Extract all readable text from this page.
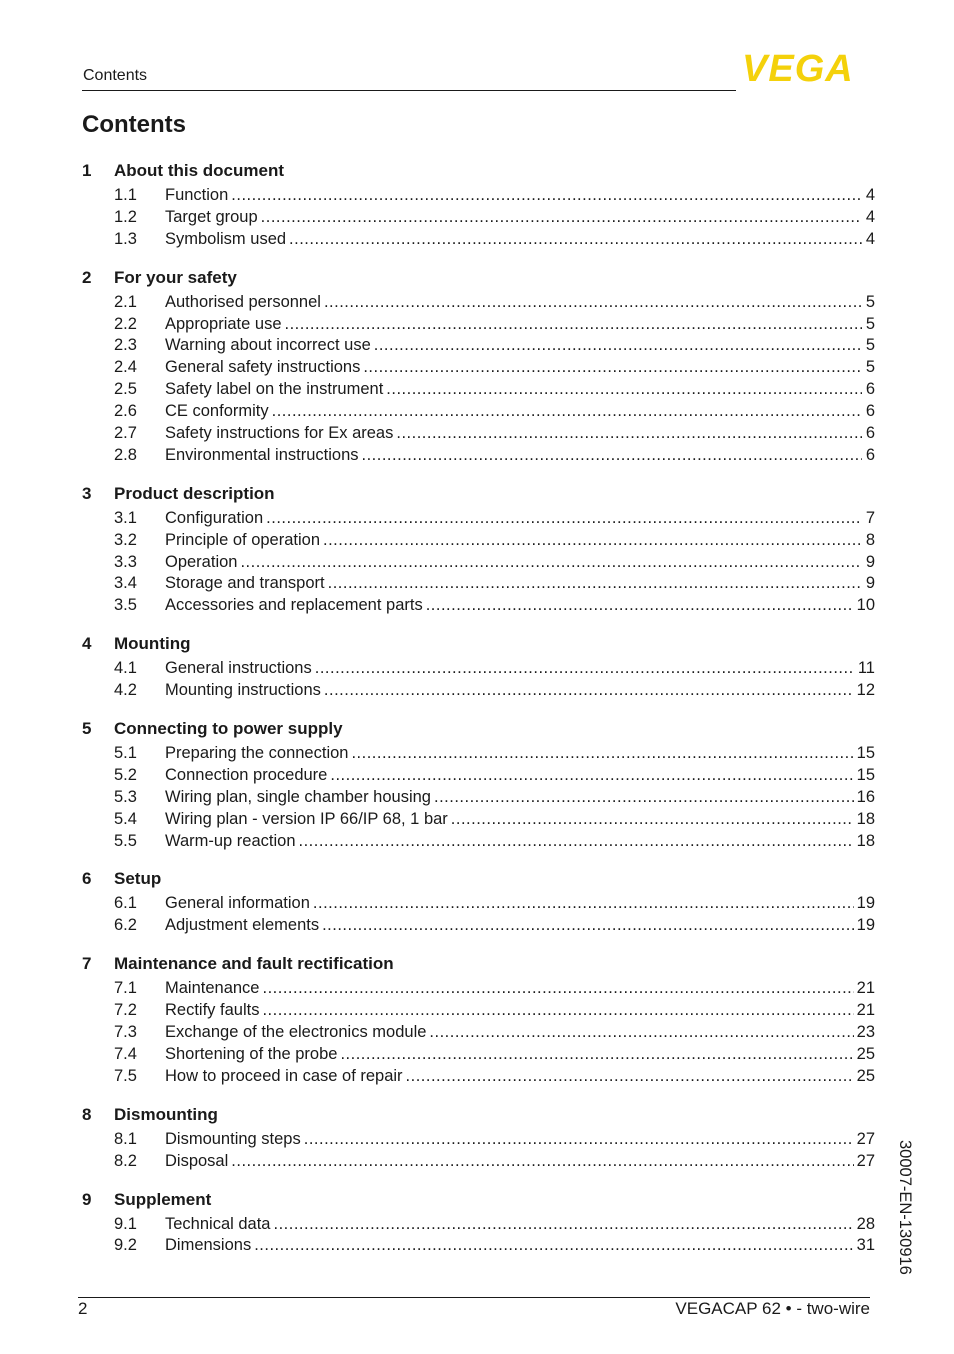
Contents	VEGA
Contents
1	About this document
1.1	Function .....	4
1.2	Target group .....	4
1.3	Symbolism used .....	4
2	For your safety
2.1	Authorised personnel .....	5
2.2	Appropriate use .....	5
2.3	Warning about incorrect use .....	5
2.4	General safety instructions .....	5
2.5	Safety label on the instrument .....	6
2.6	CE conformity .....	6
2.7	Safety instructions for Ex areas .....	6
2.8	Environmental instructions .....	6
3	Product description
3.1	Configuration .....	7
3.2	Principle of operation .....	8
3.3	Operation .....	9
3.4	Storage and transport .....	9
3.5	Accessories and replacement parts .....	10
4	Mounting
4.1	General instructions .....	11
4.2	Mounting instructions .....	12
5	Connecting to power supply
5.1	Preparing the connection .....	15
5.2	Connection procedure .....	15
5.3	Wiring plan, single chamber housing .....	16
5.4	Wiring plan - version IP 66/IP 68, 1 bar .....	18
5.5	Warm-up reaction .....	18
6	Setup
6.1	General information .....	19
6.2	Adjustment elements .....	19
7	Maintenance and fault rectification
7.1	Maintenance .....	21
7.2	Rectify faults .....	21
7.3	Exchange of the electronics module .....	23
7.4	Shortening of the probe .....	25
7.5	How to proceed in case of repair .....	25
8	Dismounting
8.1	Dismounting steps .....	27
8.2	Disposal .....	27
9	Supplement
9.1	Technical data .....	28
9.2	Dimensions .....	31 30007-EN-130916
2	VEGACAP 62 • - two-wire
